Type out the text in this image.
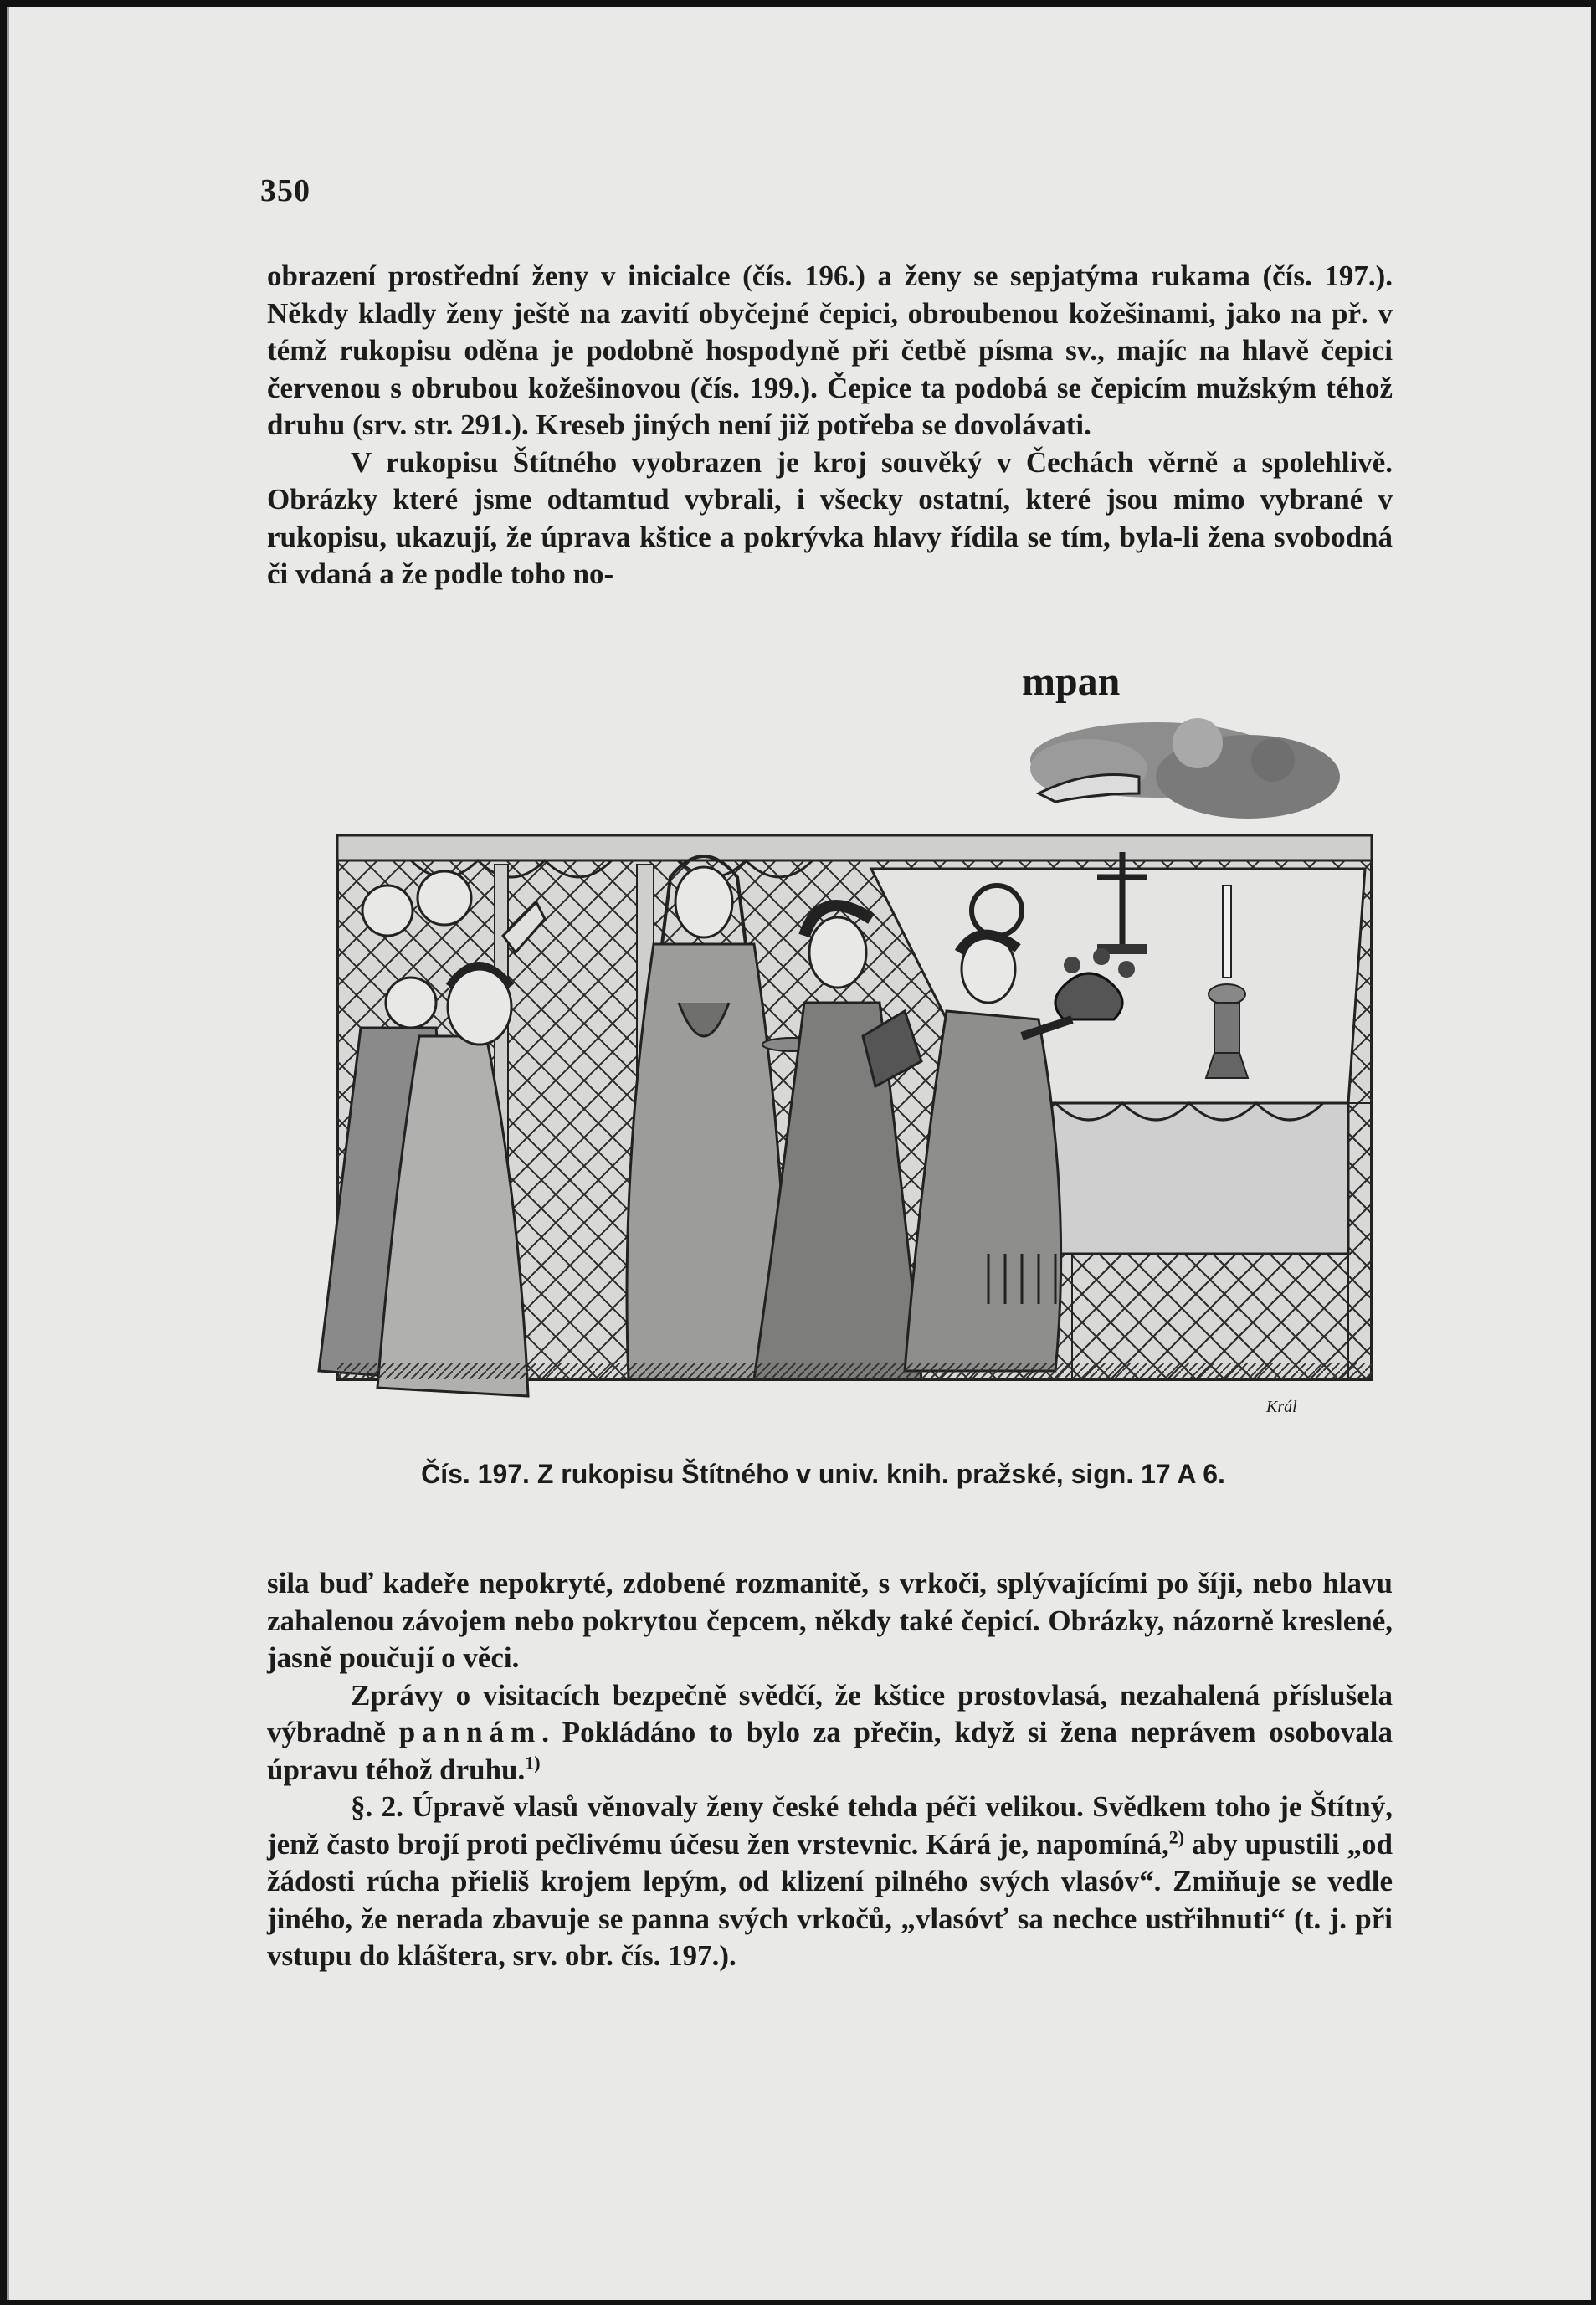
350

obrazení prostřední ženy v inicialce (čís. 196.) a ženy se sepjatýma rukama (čís. 197.). Někdy kladly ženy ještě na zavití obyčejné čepici, obroubenou kožešinami, jako na př. v témž rukopisu oděna je podobně hospodyně při četbě písma sv., majíc na hlavě čepici červenou s obrubou kožešinovou (čís. 199.). Čepice ta podobá se čepicím mužským téhož druhu (srv. str. 291.). Kreseb jiných není již potřeba se dovolávati.

V rukopisu Štítného vyobrazen je kroj souvěký v Čechách věrně a spolehlivě. Obrázky které jsme odtamtud vybrali, i všecky ostatní, které jsou mimo vybrané v rukopisu, ukazují, že úprava kštice a pokrývka hlavy řídila se tím, byla-li žena svobodná či vdaná a že podle toho no-

mpan
Král
Čís. 197. Z rukopisu Štítného v univ. knih. pražské, sign. 17 A 6.

sila buď kadeře nepokryté, zdobené rozmanitě, s vrkoči, splývajícími po šíji, nebo hlavu zahalenou závojem nebo pokrytou čepcem, někdy také čepicí. Obrázky, názorně kreslené, jasně poučují o věci.

Zprávy o visitacích bezpečně svědčí, že kštice prostovlasá, nezahalená příslušela výbradně pannám. Pokládáno to bylo za přečin, když si žena neprávem osobovala úpravu téhož druhu.$^{1)}$

§. 2. Úpravě vlasů věnovaly ženy české tehda péči velikou. Svědkem toho je Štítný, jenž často brojí proti pečlivému účesu žen vrstevnic. Kárá je, napomíná,$^{2)}$ aby upustili „od žádosti rúcha přieliš krojem lepým, od klizení pilného svých vlasóv“. Zmiňuje se vedle jiného, že nerada zbavuje se panna svých vrkočů, „vlasóvť sa nechce ustřihnuti“ (t. j. při vstupu do kláštera, srv. obr. čís. 197.).
